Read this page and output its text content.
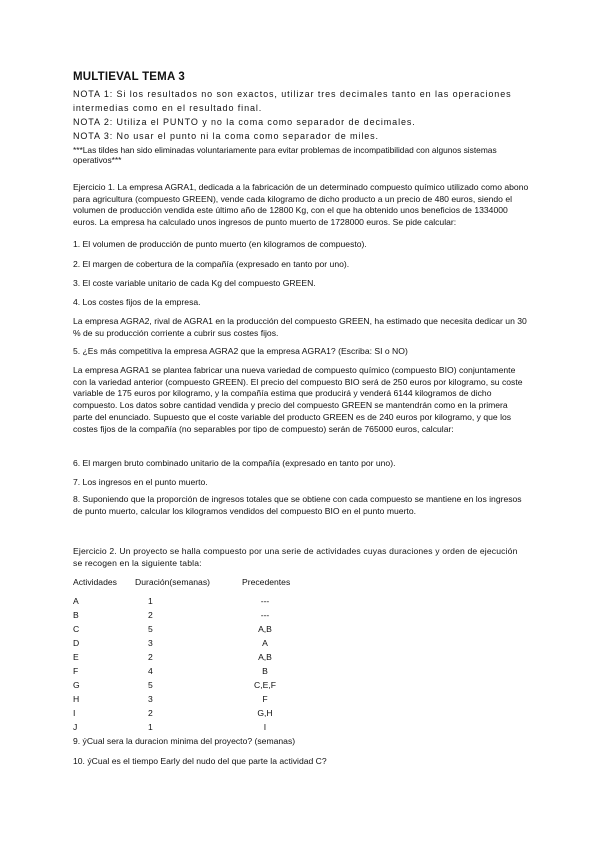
MULTIEVAL TEMA 3
NOTA 1: Si los resultados no son exactos, utilizar tres decimales tanto en las operaciones
intermedias como en el resultado final.
NOTA 2: Utiliza el PUNTO y no la coma como separador de decimales.
NOTA 3: No usar el punto ni la coma como separador de miles.
***Las tildes han sido eliminadas voluntariamente para evitar problemas de incompatibilidad con algunos sistemas operativos***
Ejercicio 1. La empresa AGRA1, dedicada a la fabricación de un determinado compuesto químico utilizado como abono para agricultura (compuesto GREEN), vende cada kilogramo de dicho producto a un precio de 480 euros, siendo el volumen de producción vendida este último añ‌o de 12800 Kg, con el que ha obtenido unos beneficios de 1334000 euros. La empresa ha calculado unos ingresos de punto muerto de 1728000 euros. Se pide calcular:
1. El volumen de producción de punto muerto (en kilogramos de compuesto).
2. El margen de cobertura de la compañ‌ía (expresado en tanto por uno).
3. El coste variable unitario de cada Kg del compuesto GREEN.
4. Los costes fijos de la empresa.
La empresa AGRA2, rival de AGRA1 en la producción del compuesto GREEN, ha estimado que necesita dedicar un 30 % de su producción corriente a cubrir sus costes fijos.
5. ¿Es más competitiva la empresa AGRA2 que la empresa AGRA1? (Escriba: SI o NO)
La empresa AGRA1 se plantea fabricar una nueva variedad de compuesto químico (compuesto BIO) conjuntamente con la variedad anterior (compuesto GREEN). El precio del compuesto BIO será de 250 euros por kilogramo, su coste variable de 175 euros por kilogramo, y la compañ‌ía estima que producirá y venderá 6144 kilogramos de dicho compuesto. Los datos sobre cantidad vendida y precio del compuesto GREEN se mantendrán como en la primera parte del enunciado. Supuesto que el coste variable del producto GREEN es de 240 euros por kilogramo, y que los costes fijos de la compañ‌ía (no separables por tipo de compuesto) serán de 765000 euros, calcular:
6. El margen bruto combinado unitario de la compañ‌ía (expresado en tanto por uno).
7. Los ingresos en el punto muerto.
8. Suponiendo que la proporción de ingresos totales que se obtiene con cada compuesto se mantiene en los ingresos de punto muerto, calcular los kilogramos vendidos del compuesto BIO en el punto muerto.
Ejercicio 2. Un proyecto se halla compuesto por una serie de actividades cuyas duraciones y orden de ejecución se recogen en la siguiente tabla:
Actividades Duración(semanas)	Precedentes
A	1	---
B	2	---
C	5	A,B
D	3	A
E	2	A,B
F	4	B
G	5	C,E,F
H	3	F
I	2	G,H
J	1	I
9. ýCual sera la duracion minima del proyecto? (semanas)
10. ýCual es el tiempo Early del nudo del que parte la actividad C?
